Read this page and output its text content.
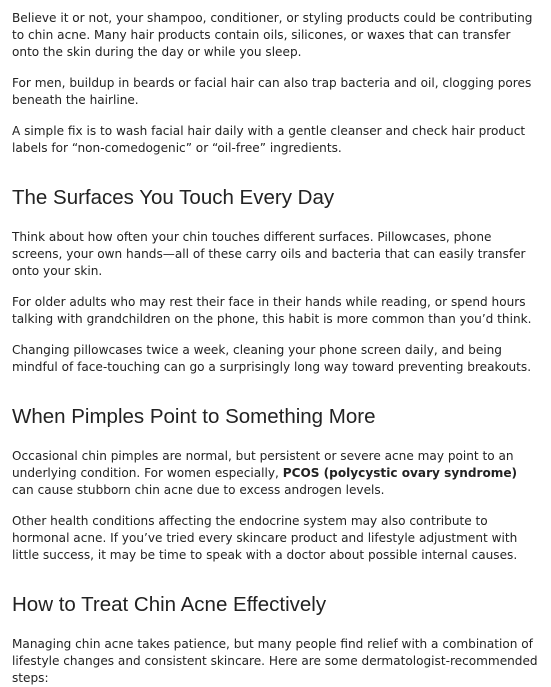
Believe it or not, your shampoo, conditioner, or styling products could be contributing to chin acne. Many hair products contain oils, silicones, or waxes that can transfer onto the skin during the day or while you sleep.

For men, buildup in beards or facial hair can also trap bacteria and oil, clogging pores beneath the hairline.

A simple fix is to wash facial hair daily with a gentle cleanser and check hair product labels for “non-comedogenic” or “oil-free” ingredients.

The Surfaces You Touch Every Day

Think about how often your chin touches different surfaces. Pillowcases, phone screens, your own hands—all of these carry oils and bacteria that can easily transfer onto your skin.

For older adults who may rest their face in their hands while reading, or spend hours talking with grandchildren on the phone, this habit is more common than you’d think.

Changing pillowcases twice a week, cleaning your phone screen daily, and being mindful of face-touching can go a surprisingly long way toward preventing breakouts.

When Pimples Point to Something More

Occasional chin pimples are normal, but persistent or severe acne may point to an underlying condition. For women especially, PCOS (polycystic ovary syndrome) can cause stubborn chin acne due to excess androgen levels.

Other health conditions affecting the endocrine system may also contribute to hormonal acne. If you’ve tried every skincare product and lifestyle adjustment with little success, it may be time to speak with a doctor about possible internal causes.

How to Treat Chin Acne Effectively

Managing chin acne takes patience, but many people find relief with a combination of lifestyle changes and consistent skincare. Here are some dermatologist-recommended steps:
